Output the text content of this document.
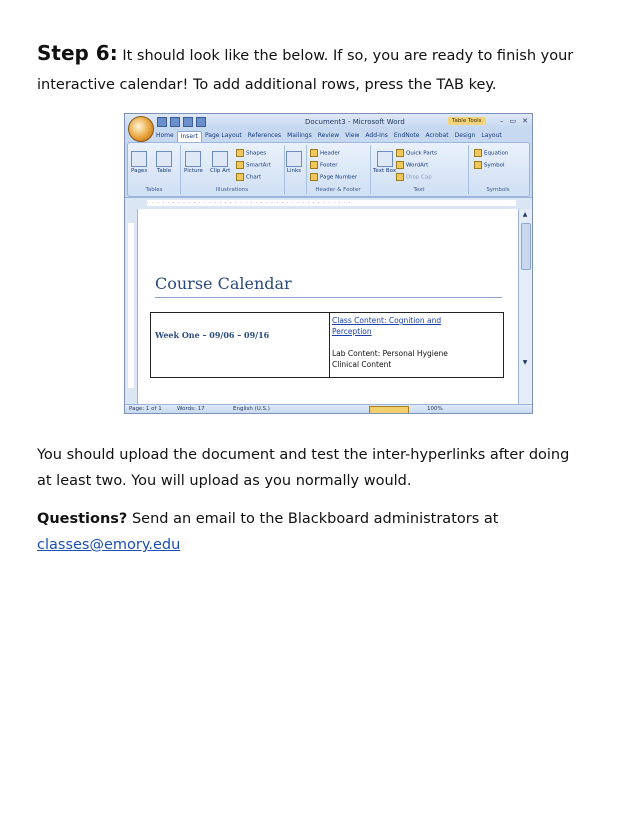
Step 6: It should look like the below. If so, you are ready to finish your

interactive calendar! To add additional rows, press the TAB key.

Document3 - Microsoft Word	Table Tools	– ▭ ✕
Home	Insert	Page Layout	References	Mailings	Review	View	Add-Ins	EndNote	Acrobat	Design	Layout
Pages Table
Tables
Picture Clip Art
Shapes
SmartArt
Chart
Illustrations
Links
Header
Footer
Page Number
Header & Footer
Text Box
Quick Parts
WordArt
Drop Cap
Text
Equation
Symbol
Symbols
· · · · · · · · · · · · · · · · · · · · · · · · · · · · · · · · · · · · · · · ·
Course Calendar
Week One – 09/06 – 09/16
Class Content: Cognition and
Perception
Lab Content: Personal Hygiene
Clinical Content
▲
▼
Page: 1 of 1	Words: 17	English (U.S.)	100%

You should upload the document and test the inter-hyperlinks after doing

at least two. You will upload as you normally would.

Questions? Send an email to the Blackboard administrators at

classes@emory.edu
